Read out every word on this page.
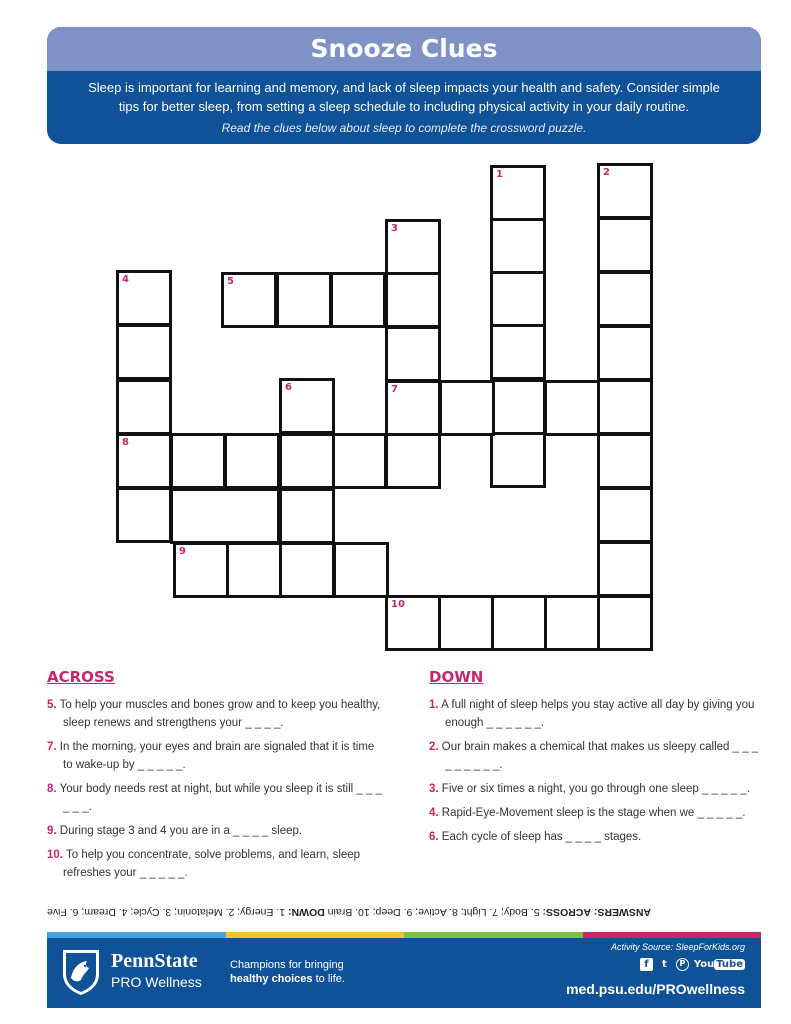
Snooze Clues
Sleep is important for learning and memory, and lack of sleep impacts your health and safety. Consider simple tips for better sleep, from setting a sleep schedule to including physical activity in your daily routine.
Read the clues below about sleep to complete the crossword puzzle.
1	2
3
7
5
4
8
6
9
10
ACROSS
5. To help your muscles and bones grow and to keep you healthy, sleep renews and strengthens your _ _ _ _.
7. In the morning, your eyes and brain are signaled that it is time to wake-up by _ _ _ _ _.
8. Your body needs rest at night, but while you sleep it is still _ _ _ _ _ _.
9. During stage 3 and 4 you are in a _ _ _ _ sleep.
10. To help you concentrate, solve problems, and learn, sleep refreshes your _ _ _ _ _.
DOWN
1. A full night of sleep helps you stay active all day by giving you enough _ _ _ _ _ _.
2. Our brain makes a chemical that makes us sleepy called _ _ _ _ _ _ _ _ _.
3. Five or six times a night, you go through one sleep _ _ _ _ _.
4. Rapid-Eye-Movement sleep is the stage when we _ _ _ _ _.
6. Each cycle of sleep has _ _ _ _ stages.
ANSWERS: ACROSS: 5. Body; 7. Light; 8. Active; 9. Deep; 10. Brain DOWN: 1. Energy; 2. Melatonin; 3. Cycle; 4. Dream; 6. Five
PennState
PRO Wellness
Champions for bringing
healthy choices to life.
Activity Source: SleepForKids.org
f	t	P You Tube
med.psu.edu/PROwellness
